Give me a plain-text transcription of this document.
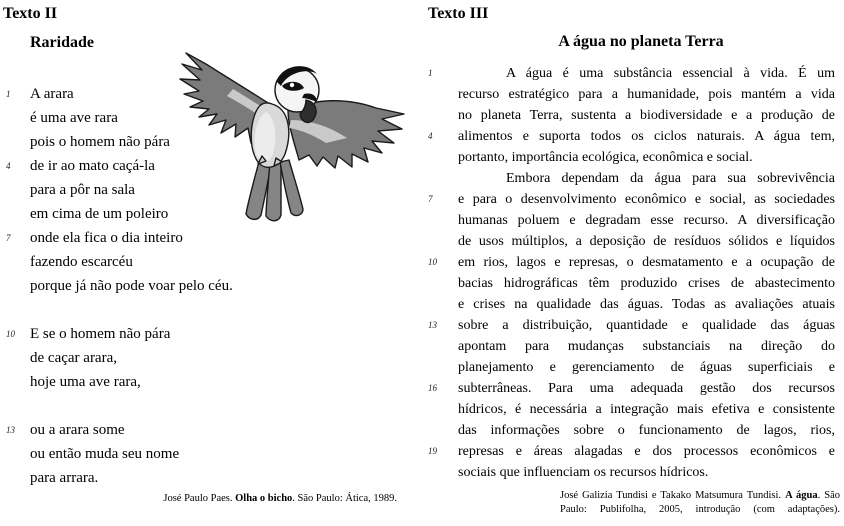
Texto II
Raridade
1	A arara
é uma ave rara
pois o homem não pára
4	de ir ao mato caçá-la
para a pôr na sala
em cima de um poleiro
7	onde ela fica o dia inteiro
fazendo escarcéu
porque já não pode voar pelo céu.
10	E se o homem não pára
de caçar arara,
hoje uma ave rara,
13	ou a arara some
ou então muda seu nome
para arrara.
José Paulo Paes. Olha o bicho. São Paulo: Ática, 1989.
Texto III
A água no planeta Terra
1	A água é uma substância essencial à vida. É um
recurso estratégico para a humanidade, pois mantém a vida
no planeta Terra, sustenta a biodiversidade e a produção de
4	alimentos e suporta todos os ciclos naturais. A água tem,
portanto, importância ecológica, econômica e social.
Embora dependam da água para sua sobrevivência
7	e para o desenvolvimento econômico e social, as sociedades
humanas poluem e degradam esse recurso. A diversificação
de usos múltiplos, a deposição de resíduos sólidos e líquidos
10	em rios, lagos e represas, o desmatamento e a ocupação de
bacias hidrográficas têm produzido crises de abastecimento
e crises na qualidade das águas. Todas as avaliações atuais
13	sobre a distribuição, quantidade e qualidade das águas
apontam para mudanças substanciais na direção do
planejamento e gerenciamento de águas superficiais e
16	subterrâneas. Para uma adequada gestão dos recursos
hídricos, é necessária a integração mais efetiva e consistente
das informações sobre o funcionamento de lagos, rios,
19	represas e áreas alagadas e dos processos econômicos e
sociais que influenciam os recursos hídricos.
José Galizia Tundisi e Takako Matsumura Tundisi. A água. São
Paulo: Publifolha, 2005, introdução (com adaptações).
